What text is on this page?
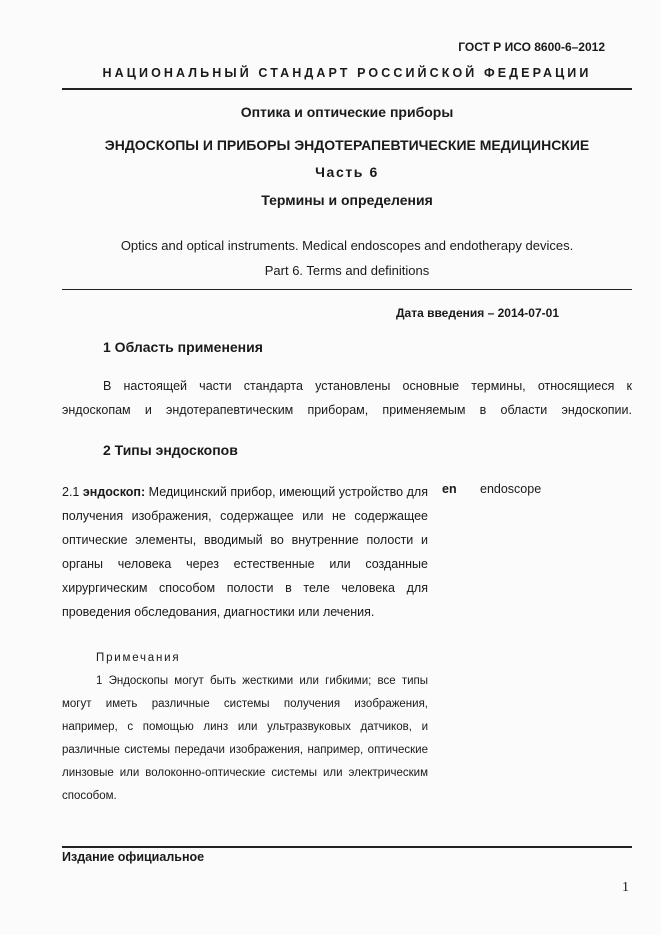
ГОСТ Р ИСО 8600-6–2012
НАЦИОНАЛЬНЫЙ СТАНДАРТ РОССИЙСКОЙ ФЕДЕРАЦИИ
Оптика и оптические приборы
ЭНДОСКОПЫ И ПРИБОРЫ ЭНДОТЕРАПЕВТИЧЕСКИЕ МЕДИЦИНСКИЕ
Часть 6
Термины и определения
Optics and optical instruments. Medical endoscopes and endotherapy devices.
Part 6. Terms and definitions
Дата введения – 2014-07-01
1 Область применения
В настоящей части стандарта установлены основные термины, относящиеся к эндоскопам и эндотерапевтическим приборам, применяемым в области эндоскопии.
2 Типы эндоскопов
2.1 эндоскоп: Медицинский прибор, имеющий устройство для получения изображения, содержащее или не содержащее оптические элементы, вводимый во внутренние полости и органы человека через естественные или созданные хирургическим способом полости в теле человека для проведения обследования, диагностики или лечения.
en endoscope
Примечания
1 Эндоскопы могут быть жесткими или гибкими; все типы могут иметь различные системы получения изображения, например, с помощью линз или ультразвуковых датчиков, и различные системы передачи изображения, например, оптические линзовые или волоконно-оптические системы или электрическим способом.
Издание официальное
1
